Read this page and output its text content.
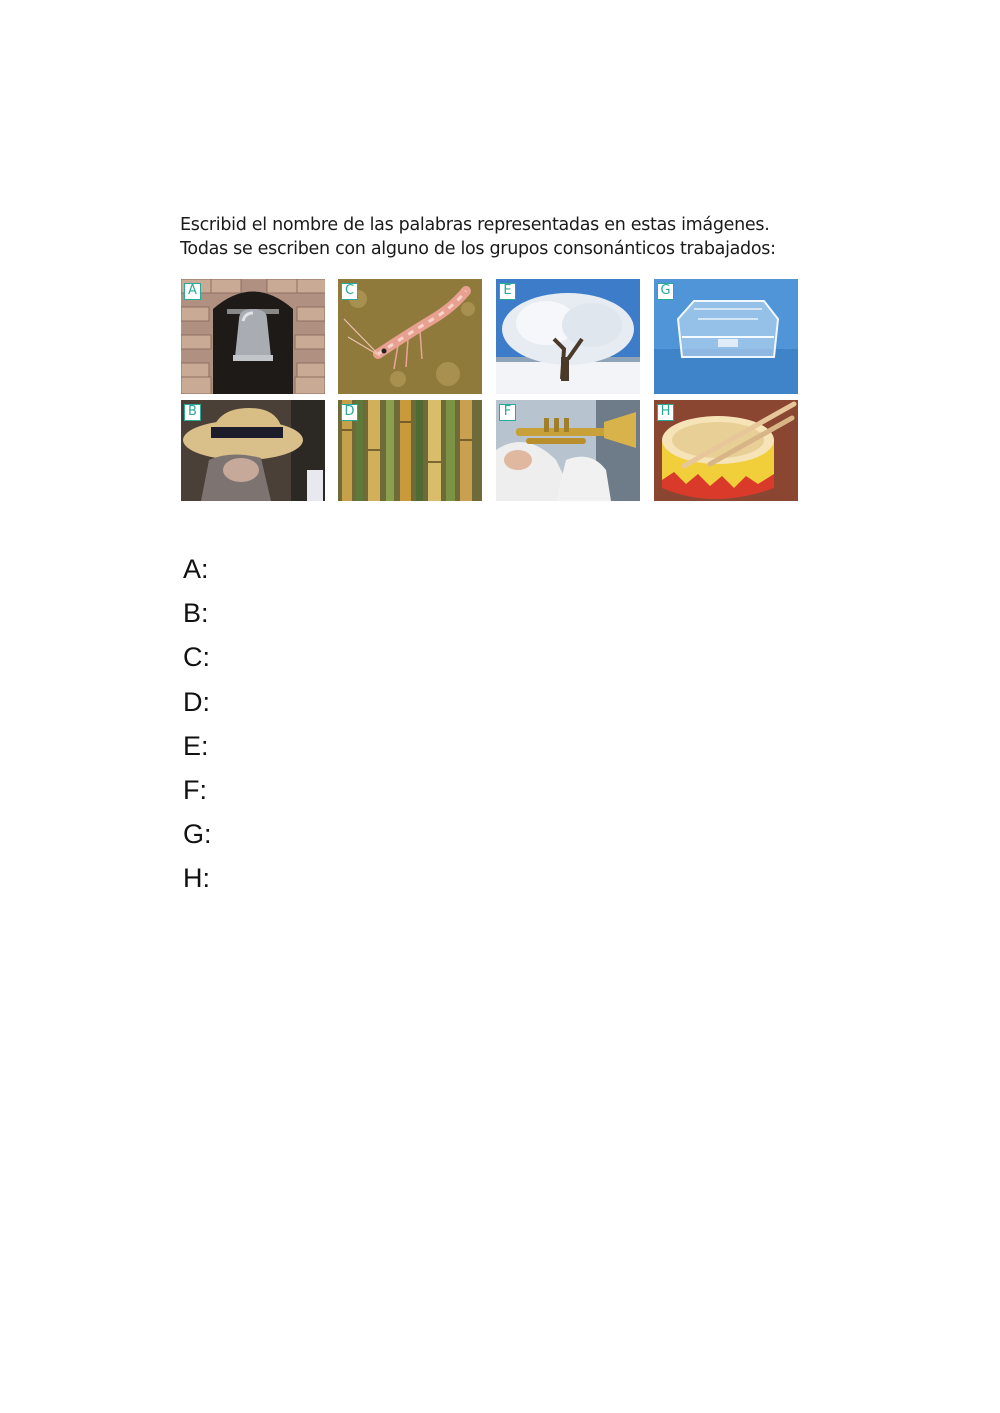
Escribid el nombre de las palabras representadas en estas imágenes.
Todas se escriben con alguno de los grupos consonánticos trabajados:
A
B
C
D
E
F
G
H
A:
B:
C:
D:
E:
F:
G:
H:
